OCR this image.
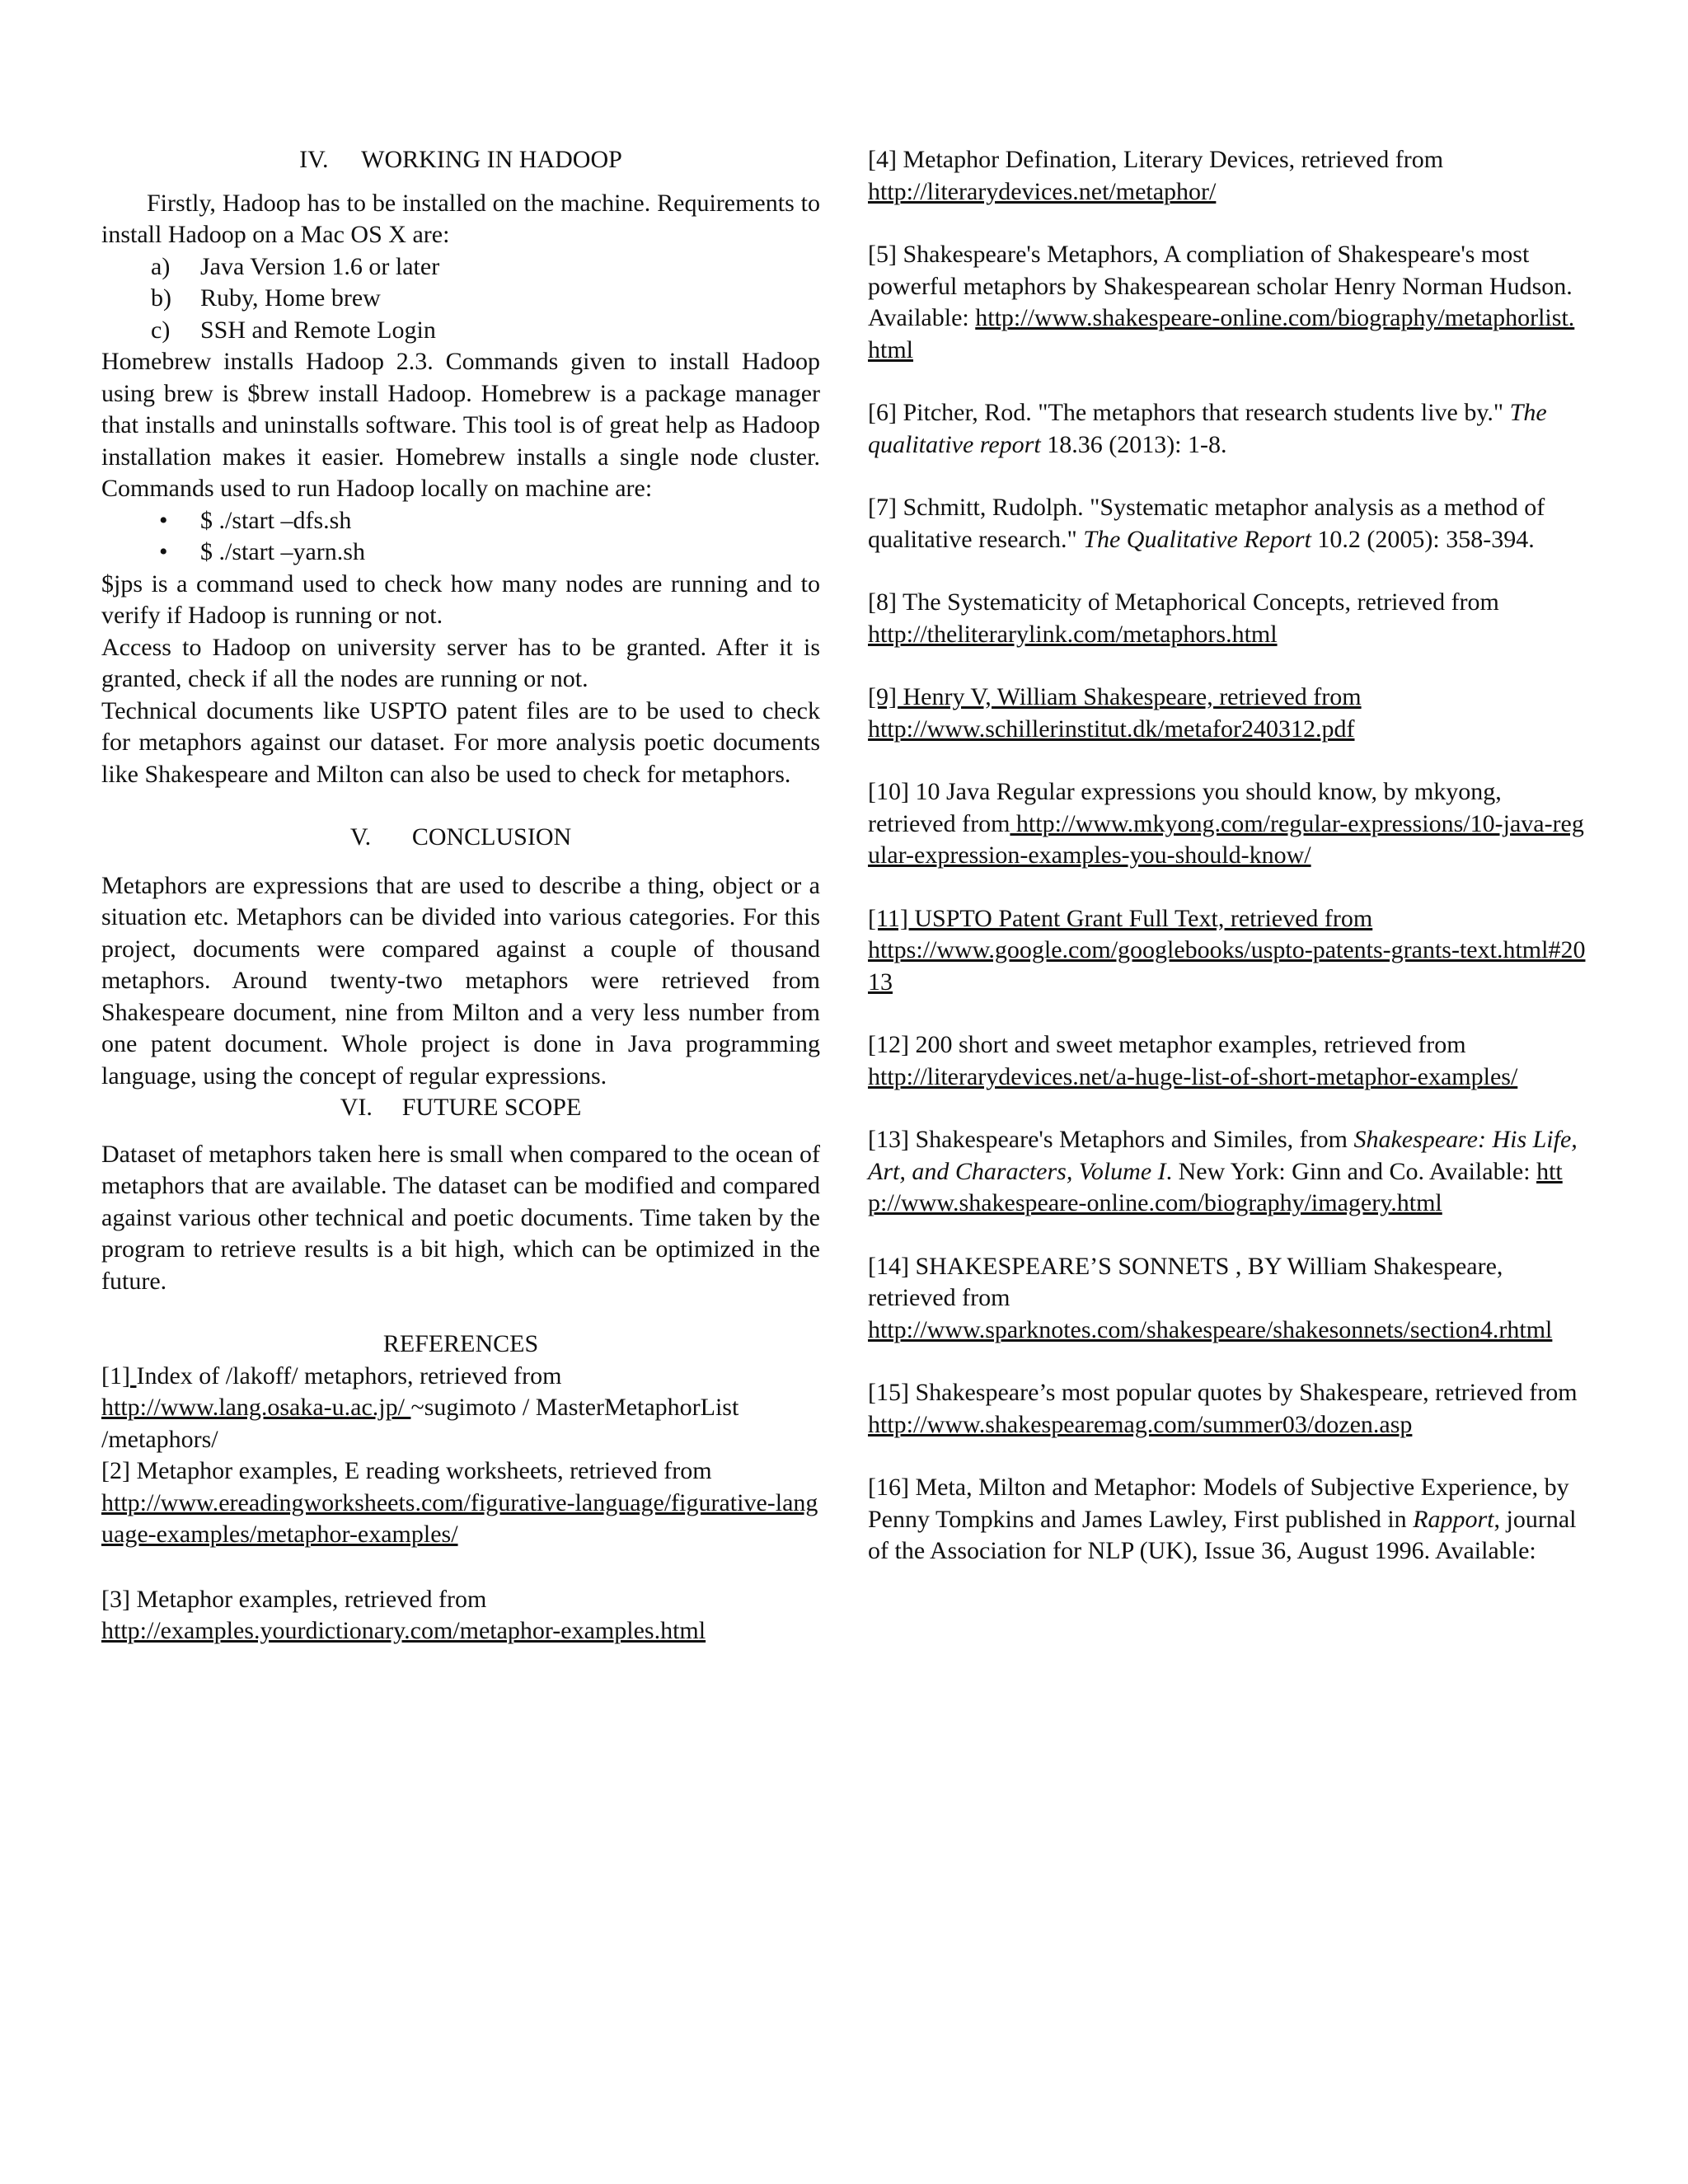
IV. WORKING IN HADOOP

Firstly, Hadoop has to be installed on the machine. Requirements to install Hadoop on a Mac OS X are:

a) Java Version 1.6 or later
b) Ruby, Home brew
c) SSH and Remote Login

Homebrew installs Hadoop 2.3. Commands given to install Hadoop using brew is $brew install Hadoop. Homebrew is a package manager that installs and uninstalls software. This tool is of great help as Hadoop installation makes it easier. Homebrew installs a single node cluster. Commands used to run Hadoop locally on machine are:

• $ ./start –dfs.sh
• $ ./start –yarn.sh

$jps is a command used to check how many nodes are running and to verify if Hadoop is running or not.

Access to Hadoop on university server has to be granted. After it is granted, check if all the nodes are running or not.

Technical documents like USPTO patent files are to be used to check for metaphors against our dataset. For more analysis poetic documents like Shakespeare and Milton can also be used to check for metaphors.

V. CONCLUSION

Metaphors are expressions that are used to describe a thing, object or a situation etc. Metaphors can be divided into various categories. For this project, documents were compared against a couple of thousand metaphors. Around twenty-two metaphors were retrieved from Shakespeare document, nine from Milton and a very less number from one patent document. Whole project is done in Java programming language, using the concept of regular expressions.

VI. FUTURE SCOPE

Dataset of metaphors taken here is small when compared to the ocean of metaphors that are available. The dataset can be modified and compared against various other technical and poetic documents. Time taken by the program to retrieve results is a bit high, which can be optimized in the future.

REFERENCES

[1] Index of /lakoff/ metaphors, retrieved from
http://www.lang.osaka-u.ac.jp/ ~sugimoto / MasterMetaphorList /metaphors/

[2] Metaphor examples, E reading worksheets, retrieved from
http://www.ereadingworksheets.com/figurative-language/figurative-language-examples/metaphor-examples/

[3] Metaphor examples, retrieved from
http://examples.yourdictionary.com/metaphor-examples.html

[4] Metaphor Defination, Literary Devices, retrieved from
http://literarydevices.net/metaphor/

[5] Shakespeare's Metaphors, A compliation of Shakespeare's most powerful metaphors by Shakespearean scholar Henry Norman Hudson. Available: http://www.shakespeare-online.com/biography/metaphorlist.html

[6] Pitcher, Rod. "The metaphors that research students live by." The qualitative report 18.36 (2013): 1-8.

[7] Schmitt, Rudolph. "Systematic metaphor analysis as a method of qualitative research." The Qualitative Report 10.2 (2005): 358-394.

[8] The Systematicity of Metaphorical Concepts, retrieved from
http://theliterarylink.com/metaphors.html

[9] Henry V, William Shakespeare, retrieved from
http://www.schillerinstitut.dk/metafor240312.pdf

[10] 10 Java Regular expressions you should know, by mkyong, retrieved from http://www.mkyong.com/regular-expressions/10-java-regular-expression-examples-you-should-know/

[11] USPTO Patent Grant Full Text, retrieved from
https://www.google.com/googlebooks/uspto-patents-grants-text.html#2013

[12] 200 short and sweet metaphor examples, retrieved from
http://literarydevices.net/a-huge-list-of-short-metaphor-examples/

[13] Shakespeare's Metaphors and Similes, from Shakespeare: His Life, Art, and Characters, Volume I. New York: Ginn and Co. Available: http://www.shakespeare-online.com/biography/imagery.html

[14] SHAKESPEARE’S SONNETS , BY William Shakespeare, retrieved from
http://www.sparknotes.com/shakespeare/shakesonnets/section4.rhtml

[15] Shakespeare’s most popular quotes by Shakespeare, retrieved from
http://www.shakespearemag.com/summer03/dozen.asp

[16] Meta, Milton and Metaphor: Models of Subjective Experience, by Penny Tompkins and James Lawley, First published in Rapport, journal of the Association for NLP (UK), Issue 36, August 1996. Available:
